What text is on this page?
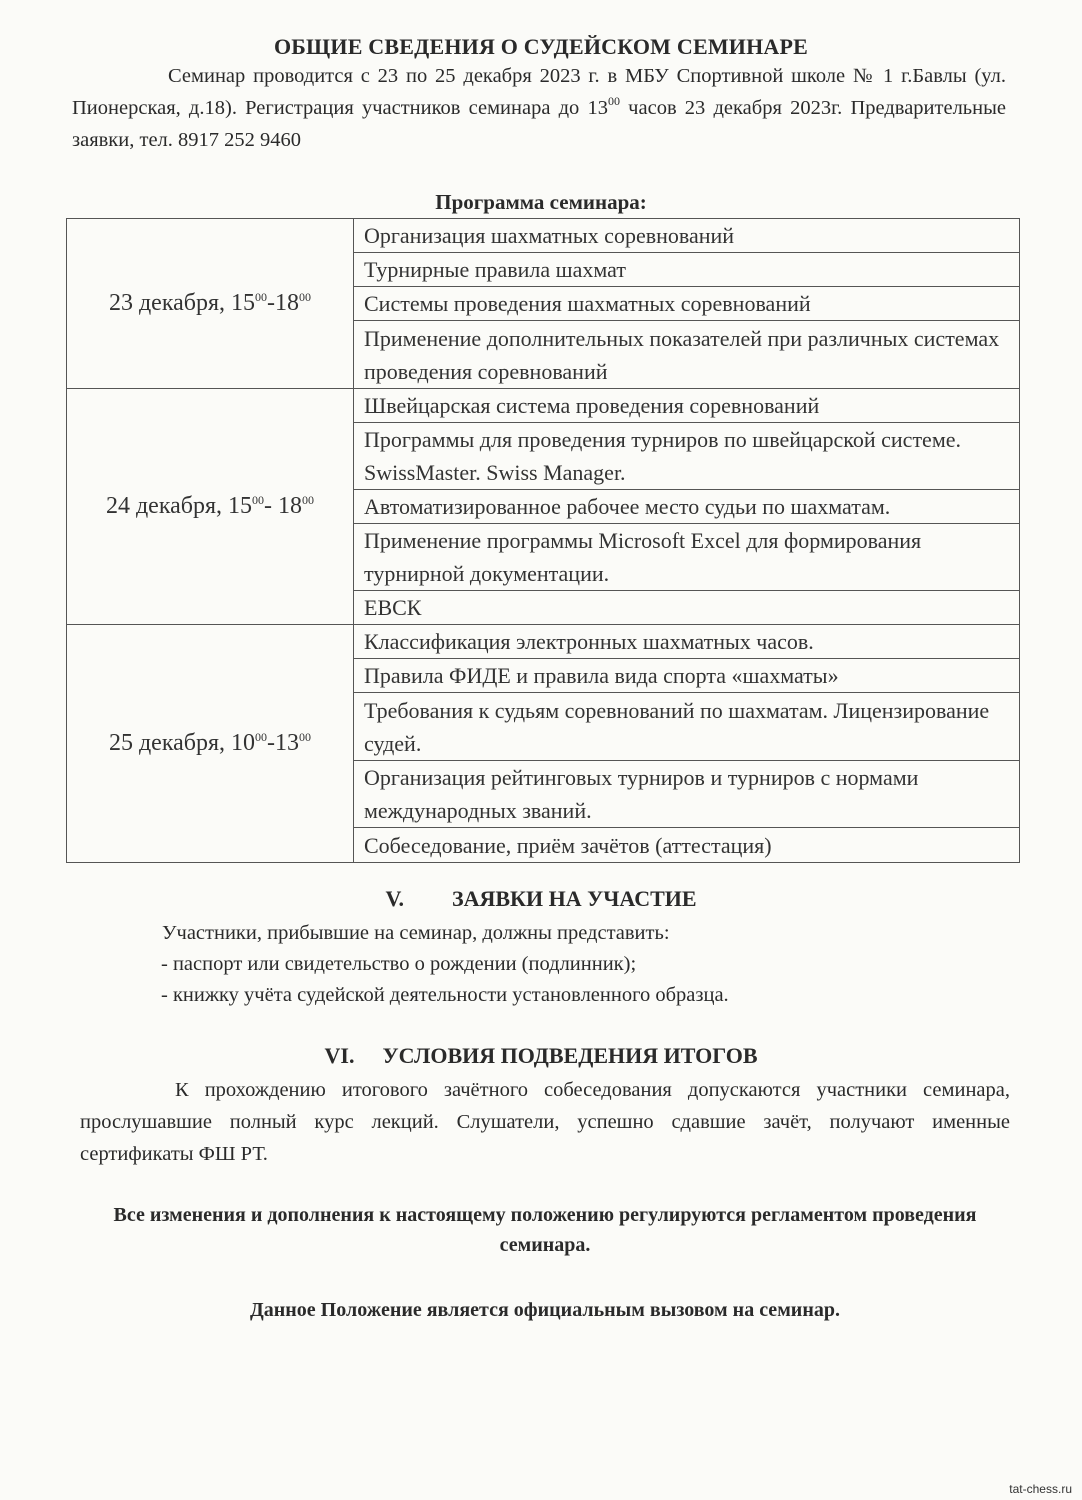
ОБЩИЕ СВЕДЕНИЯ О СУДЕЙСКОМ СЕМИНАРЕ

Семинар проводится с 23 по 25 декабря 2023 г. в МБУ Спортивной школе № 1 г.Бавлы (ул. Пионерская, д.18). Регистрация участников семинара до $13^{00}$ часов 23 декабря 2023г. Предварительные заявки, тел. 8917 252 9460

Программа семинара:
23 декабря, $15^{00}-18^{00}$	Организация шахматных соревнований
	Турнирные правила шахмат
	Системы проведения шахматных соревнований
	Применение дополнительных показателей при различных системах проведения соревнований
24 декабря, $15^{00}-$ $18^{00}$	Швейцарская система проведения соревнований
	Программы для проведения турниров по швейцарской системе. SwissMaster. Swiss Manager.
	Автоматизированное рабочее место судьи по шахматам.
	Применение программы Microsoft Excel для формирования турнирной документации.
	ЕВСК
25 декабря, $10^{00}-13^{00}$	Классификация электронных шахматных часов.
	Правила ФИДЕ и правила вида спорта «шахматы»
	Требования к судьям соревнований по шахматам. Лицензирование судей.
	Организация рейтинговых турниров и турниров с нормами международных званий.
	Собеседование, приём зачётов (аттестация)
V. ЗАЯВКИ НА УЧАСТИЕ
Участники, прибывшие на семинар, должны представить:
- паспорт или свидетельство о рождении (подлинник);
- книжку учёта судейской деятельности установленного образца.
VI. УСЛОВИЯ ПОДВЕДЕНИЯ ИТОГОВ

К прохождению итогового зачётного собеседования допускаются участники семинара, прослушавшие полный курс лекций. Слушатели, успешно сдавшие зачёт, получают именные сертификаты ФШ РТ.

Все изменения и дополнения к настоящему положению регулируются регламентом проведения семинара.
Данное Положение является официальным вызовом на семинар.
tat-chess.ru
